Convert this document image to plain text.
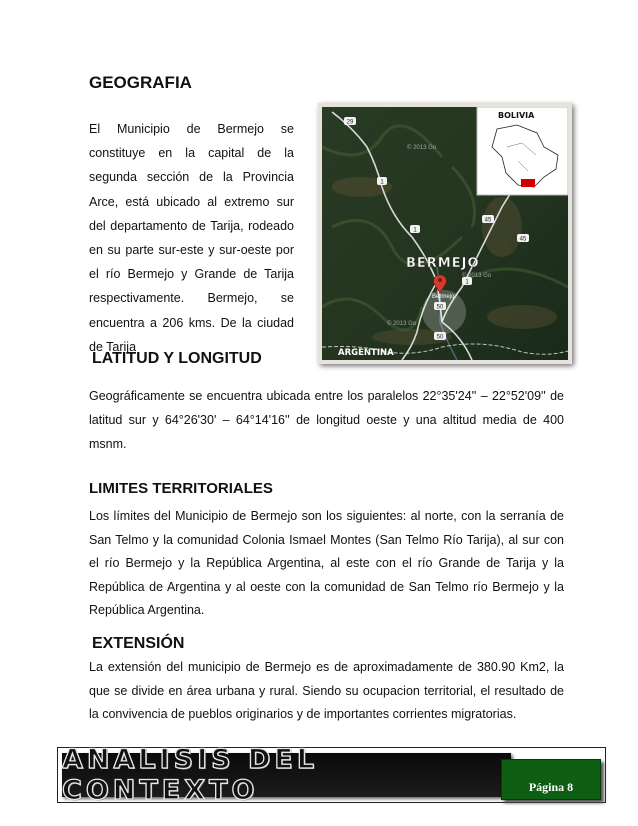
GEOGRAFIA

El Municipio de Bermejo se constituye en la capital de la segunda sección de la Provincia Arce, está ubicado al extremo sur del departamento de Tarija, rodeado en su parte sur-este y sur-oeste por el río Bermejo y Grande de Tarija respectivamente. Bermejo, se encuentra a 206 kms. De la ciudad de Tarija

Bermejo
29
1
1
45
1
50
45
50
© 2013 Go
© 2013 Go
© 2013 Go
BERMEJO
ARGENTINA
BOLIVIA
LATITUD Y LONGITUD

Geográficamente se encuentra ubicada entre los paralelos 22°35'24'' – 22°52'09'' de latitud sur y 64°26'30' – 64°14'16'' de longitud oeste y una altitud media de 400 msnm.

LIMITES TERRITORIALES

Los límites del Municipio de Bermejo son los siguientes: al norte, con la serranía de San Telmo y la comunidad Colonia Ismael Montes (San Telmo Río Tarija), al sur con el río Bermejo y la República Argentina, al este con el río Grande de Tarija y la República de Argentina y al oeste con la comunidad de San Telmo río Bermejo y la República Argentina.

EXTENSIÓN

La extensión del municipio de Bermejo es de aproximadamente de 380.90 Km2, la que se divide en área urbana y rural. Siendo su ocupacion territorial, el resultado de la convivencia de pueblos originarios y de importantes corrientes migratorias.

ANALISIS DEL CONTEXTO	Página 8
